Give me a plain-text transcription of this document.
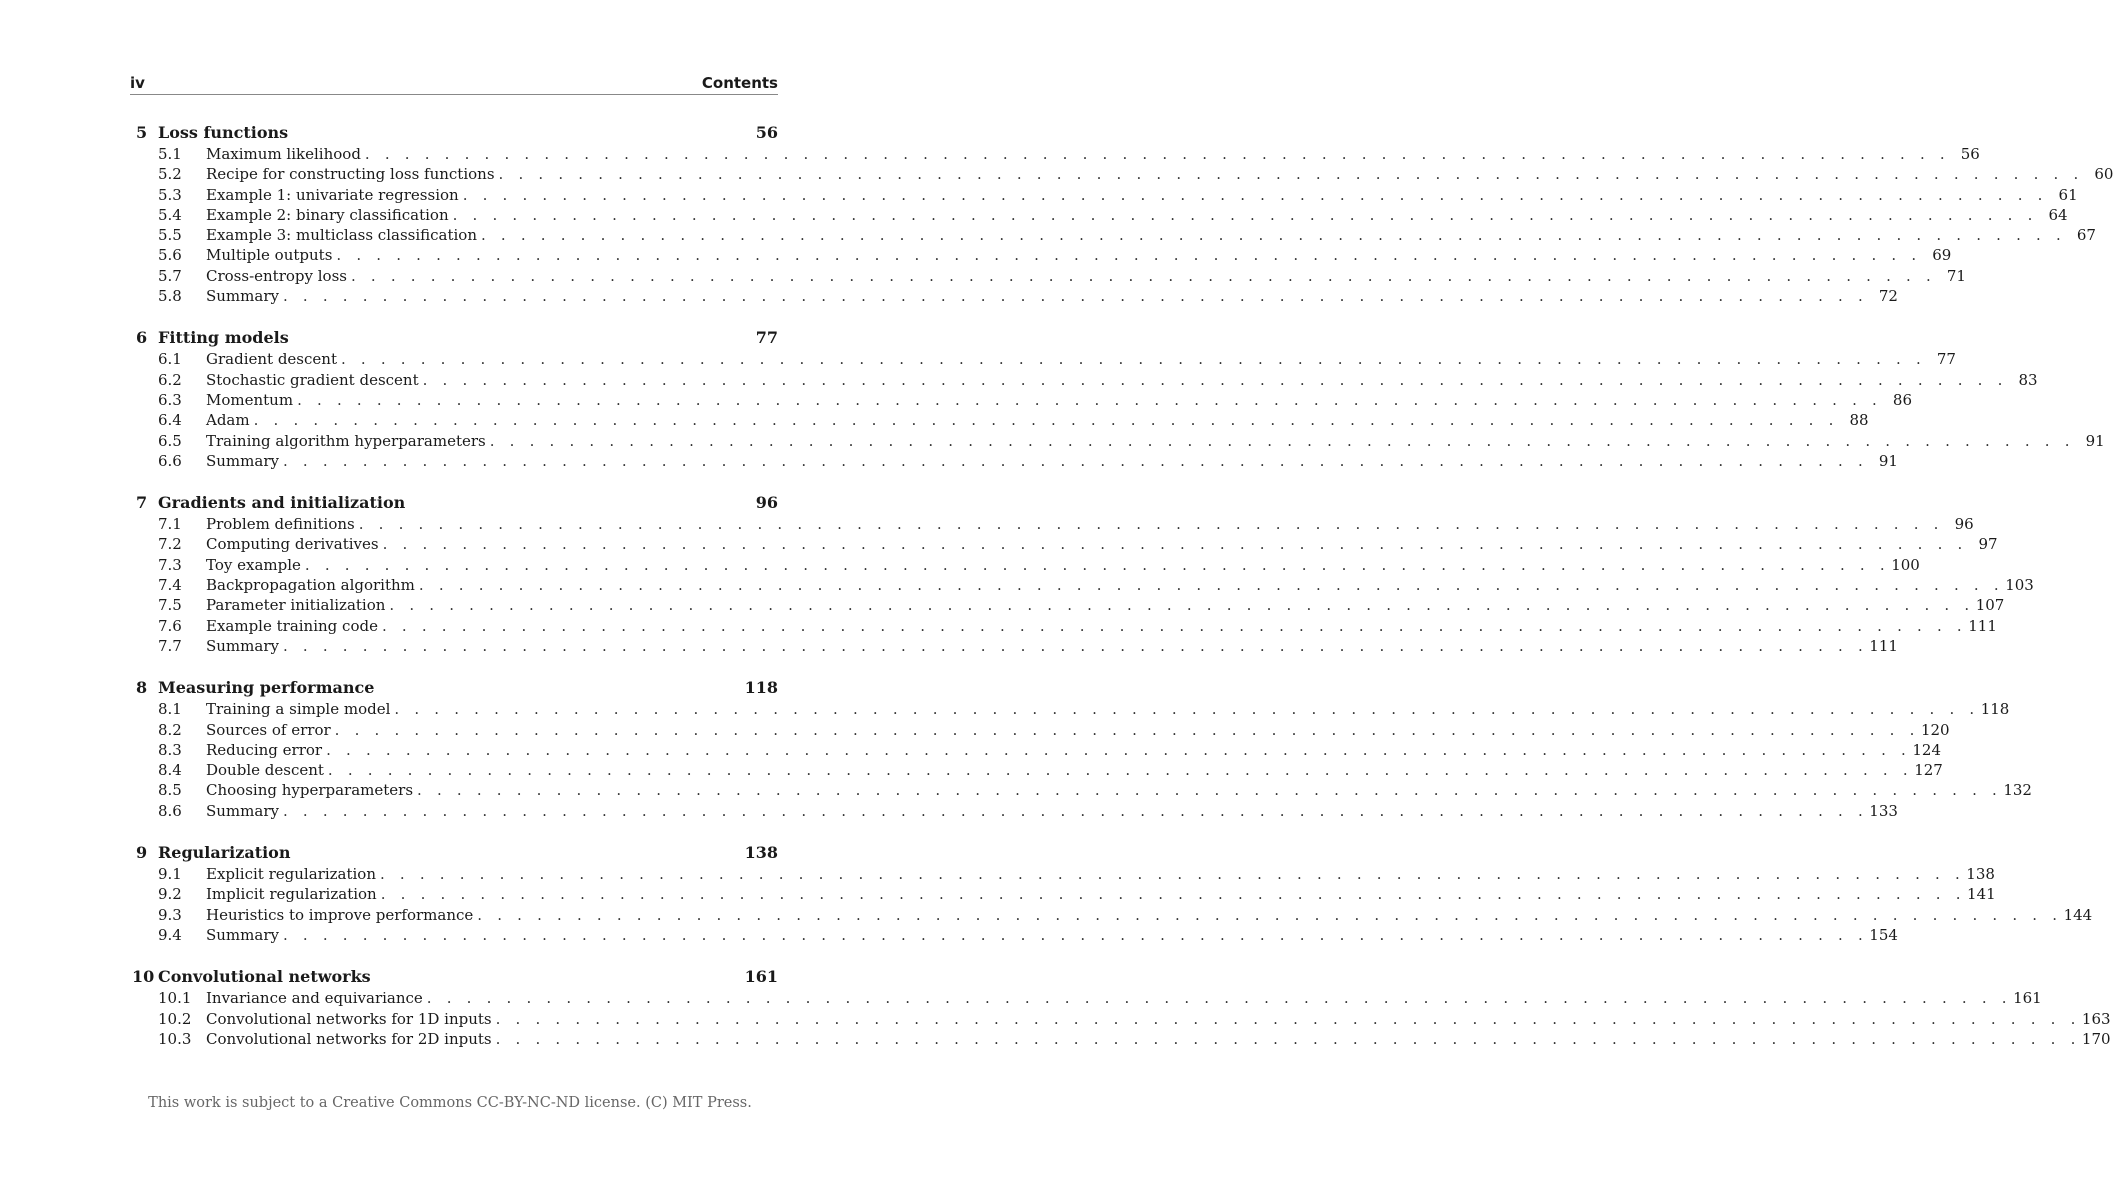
iv	Contents
5 Loss functions	56
5.1	Maximum likelihood . . . . . . . . . . . . . . . . . . . . . . . . . . . . . . . . . . . . . . . . . . . . . . . . . . . . . . . . . . . . . . . . . . . . . . . . . . . . . . . . 56
5.2	Recipe for constructing loss functions . . . . . . . . . . . . . . . . . . . . . . . . . . . . . . . . . . . . . . . . . . . . . . . . . . . . . . . . . . . . . . . . . . . . . . . . . . . . . . . . 60
5.3	Example 1: univariate regression . . . . . . . . . . . . . . . . . . . . . . . . . . . . . . . . . . . . . . . . . . . . . . . . . . . . . . . . . . . . . . . . . . . . . . . . . . . . . . . . 61
5.4	Example 2: binary classification . . . . . . . . . . . . . . . . . . . . . . . . . . . . . . . . . . . . . . . . . . . . . . . . . . . . . . . . . . . . . . . . . . . . . . . . . . . . . . . . 64
5.5	Example 3: multiclass classification . . . . . . . . . . . . . . . . . . . . . . . . . . . . . . . . . . . . . . . . . . . . . . . . . . . . . . . . . . . . . . . . . . . . . . . . . . . . . . . . 67
5.6	Multiple outputs . . . . . . . . . . . . . . . . . . . . . . . . . . . . . . . . . . . . . . . . . . . . . . . . . . . . . . . . . . . . . . . . . . . . . . . . . . . . . . . . 69
5.7	Cross-entropy loss . . . . . . . . . . . . . . . . . . . . . . . . . . . . . . . . . . . . . . . . . . . . . . . . . . . . . . . . . . . . . . . . . . . . . . . . . . . . . . . . 71
5.8	Summary . . . . . . . . . . . . . . . . . . . . . . . . . . . . . . . . . . . . . . . . . . . . . . . . . . . . . . . . . . . . . . . . . . . . . . . . . . . . . . . . 72
6 Fitting models	77
6.1	Gradient descent . . . . . . . . . . . . . . . . . . . . . . . . . . . . . . . . . . . . . . . . . . . . . . . . . . . . . . . . . . . . . . . . . . . . . . . . . . . . . . . . 77
6.2	Stochastic gradient descent . . . . . . . . . . . . . . . . . . . . . . . . . . . . . . . . . . . . . . . . . . . . . . . . . . . . . . . . . . . . . . . . . . . . . . . . . . . . . . . . 83
6.3	Momentum . . . . . . . . . . . . . . . . . . . . . . . . . . . . . . . . . . . . . . . . . . . . . . . . . . . . . . . . . . . . . . . . . . . . . . . . . . . . . . . . 86
6.4	Adam . . . . . . . . . . . . . . . . . . . . . . . . . . . . . . . . . . . . . . . . . . . . . . . . . . . . . . . . . . . . . . . . . . . . . . . . . . . . . . . . 88
6.5	Training algorithm hyperparameters . . . . . . . . . . . . . . . . . . . . . . . . . . . . . . . . . . . . . . . . . . . . . . . . . . . . . . . . . . . . . . . . . . . . . . . . . . . . . . . . 91
6.6	Summary . . . . . . . . . . . . . . . . . . . . . . . . . . . . . . . . . . . . . . . . . . . . . . . . . . . . . . . . . . . . . . . . . . . . . . . . . . . . . . . . 91
7 Gradients and initialization	96
7.1	Problem definitions . . . . . . . . . . . . . . . . . . . . . . . . . . . . . . . . . . . . . . . . . . . . . . . . . . . . . . . . . . . . . . . . . . . . . . . . . . . . . . . . 96
7.2	Computing derivatives . . . . . . . . . . . . . . . . . . . . . . . . . . . . . . . . . . . . . . . . . . . . . . . . . . . . . . . . . . . . . . . . . . . . . . . . . . . . . . . . 97
7.3	Toy example . . . . . . . . . . . . . . . . . . . . . . . . . . . . . . . . . . . . . . . . . . . . . . . . . . . . . . . . . . . . . . . . . . . . . . . . . . . . . . . . 100
7.4	Backpropagation algorithm . . . . . . . . . . . . . . . . . . . . . . . . . . . . . . . . . . . . . . . . . . . . . . . . . . . . . . . . . . . . . . . . . . . . . . . . . . . . . . . . 103
7.5	Parameter initialization . . . . . . . . . . . . . . . . . . . . . . . . . . . . . . . . . . . . . . . . . . . . . . . . . . . . . . . . . . . . . . . . . . . . . . . . . . . . . . . . 107
7.6	Example training code . . . . . . . . . . . . . . . . . . . . . . . . . . . . . . . . . . . . . . . . . . . . . . . . . . . . . . . . . . . . . . . . . . . . . . . . . . . . . . . . 111
7.7	Summary . . . . . . . . . . . . . . . . . . . . . . . . . . . . . . . . . . . . . . . . . . . . . . . . . . . . . . . . . . . . . . . . . . . . . . . . . . . . . . . . 111
8 Measuring performance	118
8.1	Training a simple model . . . . . . . . . . . . . . . . . . . . . . . . . . . . . . . . . . . . . . . . . . . . . . . . . . . . . . . . . . . . . . . . . . . . . . . . . . . . . . . . 118
8.2	Sources of error . . . . . . . . . . . . . . . . . . . . . . . . . . . . . . . . . . . . . . . . . . . . . . . . . . . . . . . . . . . . . . . . . . . . . . . . . . . . . . . . 120
8.3	Reducing error . . . . . . . . . . . . . . . . . . . . . . . . . . . . . . . . . . . . . . . . . . . . . . . . . . . . . . . . . . . . . . . . . . . . . . . . . . . . . . . . 124
8.4	Double descent . . . . . . . . . . . . . . . . . . . . . . . . . . . . . . . . . . . . . . . . . . . . . . . . . . . . . . . . . . . . . . . . . . . . . . . . . . . . . . . . 127
8.5	Choosing hyperparameters . . . . . . . . . . . . . . . . . . . . . . . . . . . . . . . . . . . . . . . . . . . . . . . . . . . . . . . . . . . . . . . . . . . . . . . . . . . . . . . . 132
8.6	Summary . . . . . . . . . . . . . . . . . . . . . . . . . . . . . . . . . . . . . . . . . . . . . . . . . . . . . . . . . . . . . . . . . . . . . . . . . . . . . . . . 133
9 Regularization	138
9.1	Explicit regularization . . . . . . . . . . . . . . . . . . . . . . . . . . . . . . . . . . . . . . . . . . . . . . . . . . . . . . . . . . . . . . . . . . . . . . . . . . . . . . . . 138
9.2	Implicit regularization . . . . . . . . . . . . . . . . . . . . . . . . . . . . . . . . . . . . . . . . . . . . . . . . . . . . . . . . . . . . . . . . . . . . . . . . . . . . . . . . 141
9.3	Heuristics to improve performance . . . . . . . . . . . . . . . . . . . . . . . . . . . . . . . . . . . . . . . . . . . . . . . . . . . . . . . . . . . . . . . . . . . . . . . . . . . . . . . . 144
9.4	Summary . . . . . . . . . . . . . . . . . . . . . . . . . . . . . . . . . . . . . . . . . . . . . . . . . . . . . . . . . . . . . . . . . . . . . . . . . . . . . . . . 154
10 Convolutional networks	161
10.1 Invariance and equivariance . . . . . . . . . . . . . . . . . . . . . . . . . . . . . . . . . . . . . . . . . . . . . . . . . . . . . . . . . . . . . . . . . . . . . . . . . . . . . . . . 161
10.2 Convolutional networks for 1D inputs . . . . . . . . . . . . . . . . . . . . . . . . . . . . . . . . . . . . . . . . . . . . . . . . . . . . . . . . . . . . . . . . . . . . . . . . . . . . . . . . 163
10.3 Convolutional networks for 2D inputs . . . . . . . . . . . . . . . . . . . . . . . . . . . . . . . . . . . . . . . . . . . . . . . . . . . . . . . . . . . . . . . . . . . . . . . . . . . . . . . . 170
This work is subject to a Creative Commons CC-BY-NC-ND license. (C) MIT Press.
